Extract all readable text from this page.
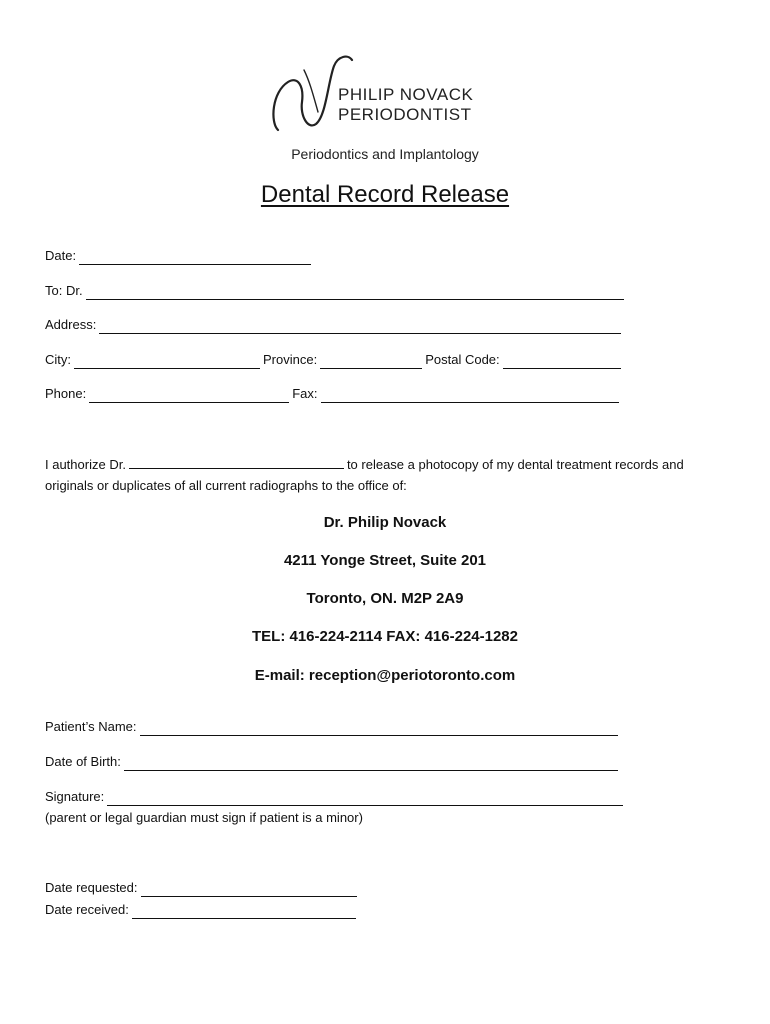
PHILIP NOVACK
PERIODONTIST
Periodontics and Implantology
Dental Record Release
Date:
To: Dr.
Address:
City:	Province:	Postal Code:
Phone:	Fax:
I authorize Dr.	to release a photocopy of my dental treatment records and
originals or duplicates of all current radiographs to the office of:
Dr. Philip Novack
4211 Yonge Street, Suite 201
Toronto, ON. M2P 2A9
TEL: 416-224-2114 FAX: 416-224-1282
E-mail: reception@periotoronto.com
Patient’s Name:
Date of Birth:
Signature:
(parent or legal guardian must sign if patient is a minor)
Date requested:
Date received:
